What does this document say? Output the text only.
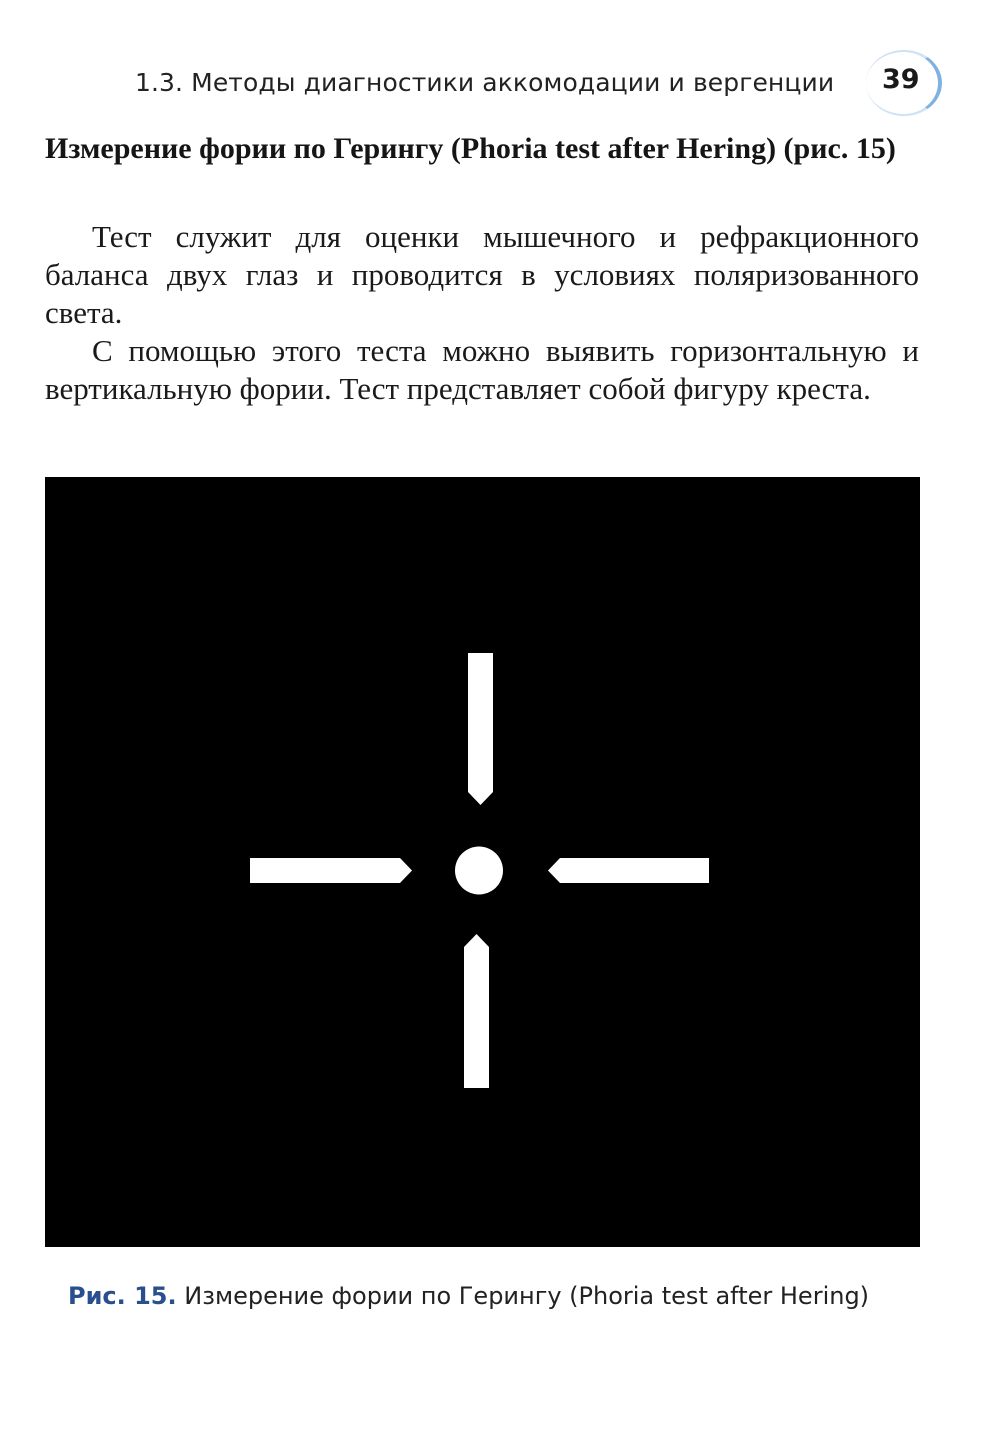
1.3. Методы диагностики аккомодации и вергенции 39
Измерение фории по Герингу (Phoria test after Hering) (рис. 15)

Тест служит для оценки мышечного и рефракционного баланса двух глаз и проводится в условиях поляризованного света.

С помощью этого теста можно выявить горизонтальную и вертикальную фории. Тест представляет собой фигуру креста.

Рис. 15. Измерение фории по Герингу (Phoria test after Hering)
